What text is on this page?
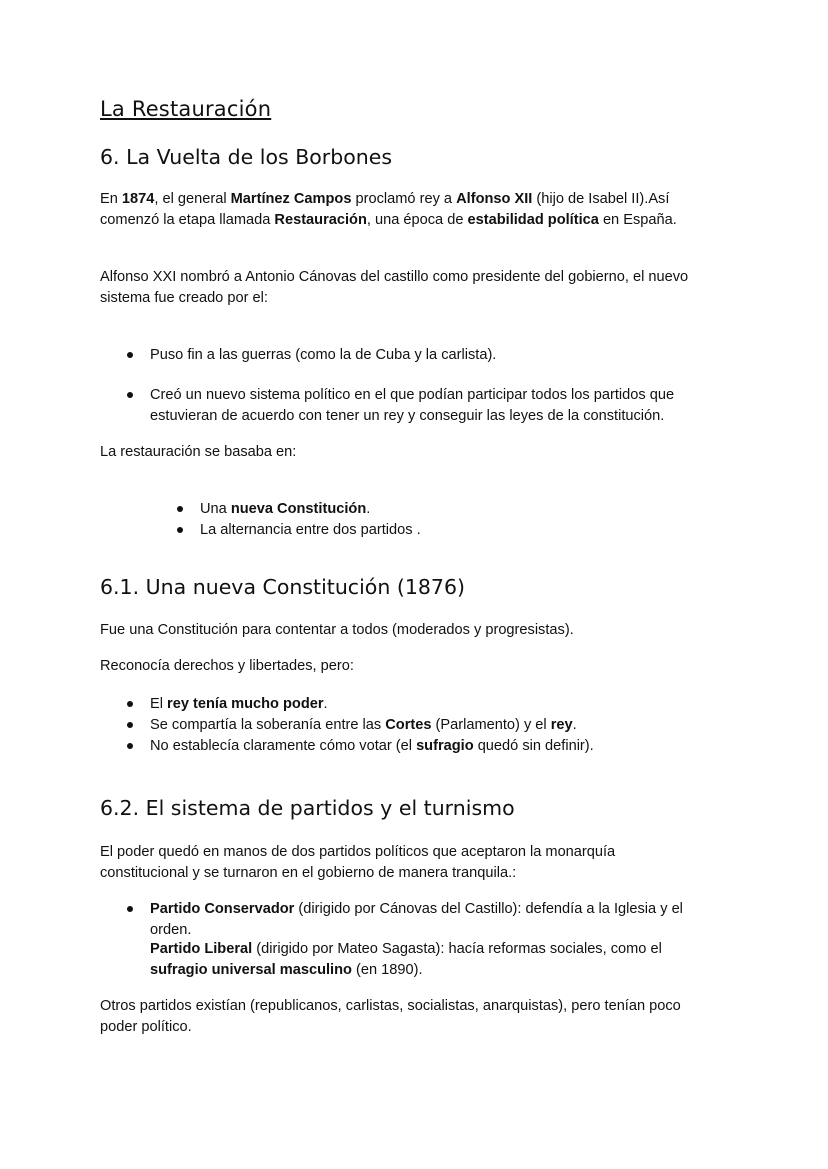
La Restauración
6. La Vuelta de los Borbones
En 1874, el general Martínez Campos proclamó rey a Alfonso XII (hijo de Isabel II).Así
comenzó la etapa llamada Restauración, una época de estabilidad política en España.
Alfonso XXI nombró a Antonio Cánovas del castillo como presidente del gobierno, el nuevo
sistema fue creado por el:
Puso fin a las guerras (como la de Cuba y la carlista).
Creó un nuevo sistema político en el que podían participar todos los partidos que
estuvieran de acuerdo con tener un rey y conseguir las leyes de la constitución.
La restauración se basaba en:
Una nueva Constitución.
La alternancia entre dos partidos .
6.1. Una nueva Constitución (1876)
Fue una Constitución para contentar a todos (moderados y progresistas).
Reconocía derechos y libertades, pero:
El rey tenía mucho poder.
Se compartía la soberanía entre las Cortes (Parlamento) y el rey.
No establecía claramente cómo votar (el sufragio quedó sin definir).
6.2. El sistema de partidos y el turnismo
El poder quedó en manos de dos partidos políticos que aceptaron la monarquía
constitucional y se turnaron en el gobierno de manera tranquila.:
Partido Conservador (dirigido por Cánovas del Castillo): defendía a la Iglesia y el
orden.
Partido Liberal (dirigido por Mateo Sagasta): hacía reformas sociales, como el
sufragio universal masculino (en 1890).
Otros partidos existían (republicanos, carlistas, socialistas, anarquistas), pero tenían poco
poder político.
